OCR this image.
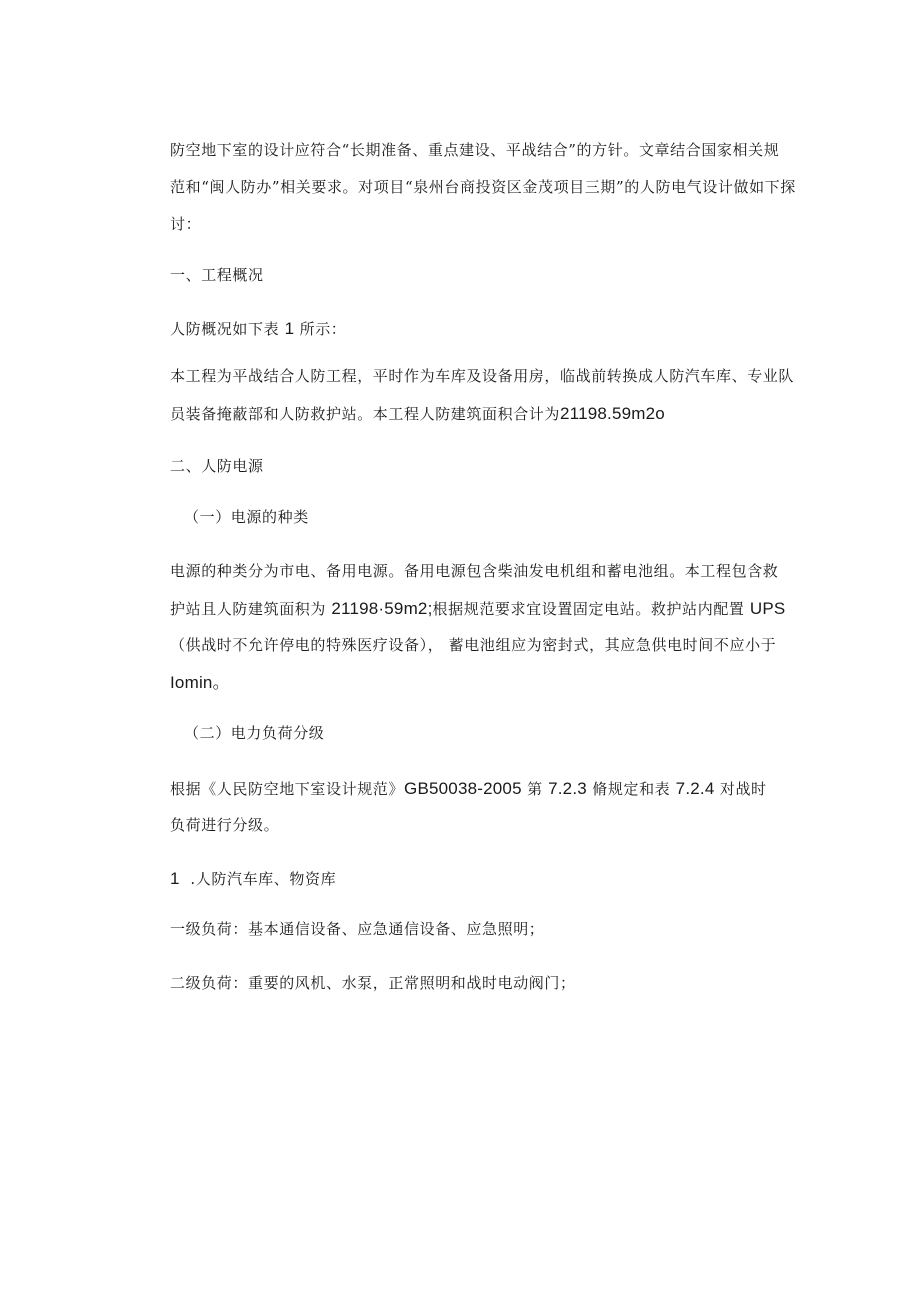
防空地下室的设计应符合“长期准备、重点建设、平战结合”的方针。文章结合国家相关规
范和“闽人防办”相关要求。对项目“泉州台商投资区金茂项目三期”的人防电气设计做如下探
讨：
一、工程概况
人防概况如下表 1 所示：
本工程为平战结合人防工程，平时作为车库及设备用房，临战前转换成人防汽车库、专业队
员装备掩蔽部和人防救护站。本工程人防建筑面积合计为21198.59m2o
二、人防电源
（一）电源的种类
电源的种类分为市电、备用电源。备用电源包含柴油发电机组和蓄电池组。本工程包含救
护站且人防建筑面积为 21198·59m2;根据规范要求宜设置固定电站。救护站内配置 UPS
（供战时不允许停电的特殊医疗设备）， 蓄电池组应为密封式，其应急供电时间不应小于
Iomin。
（二）电力负荷分级
根据《人民防空地下室设计规范》GB50038-2005 第 7.2.3 脩规定和表 7.2.4 对战时
负荷进行分级。
1 .人防汽车库、物资库
一级负荷：基本通信设备、应急通信设备、应急照明；
二级负荷：重要的风机、水泵，正常照明和战时电动阀门；
